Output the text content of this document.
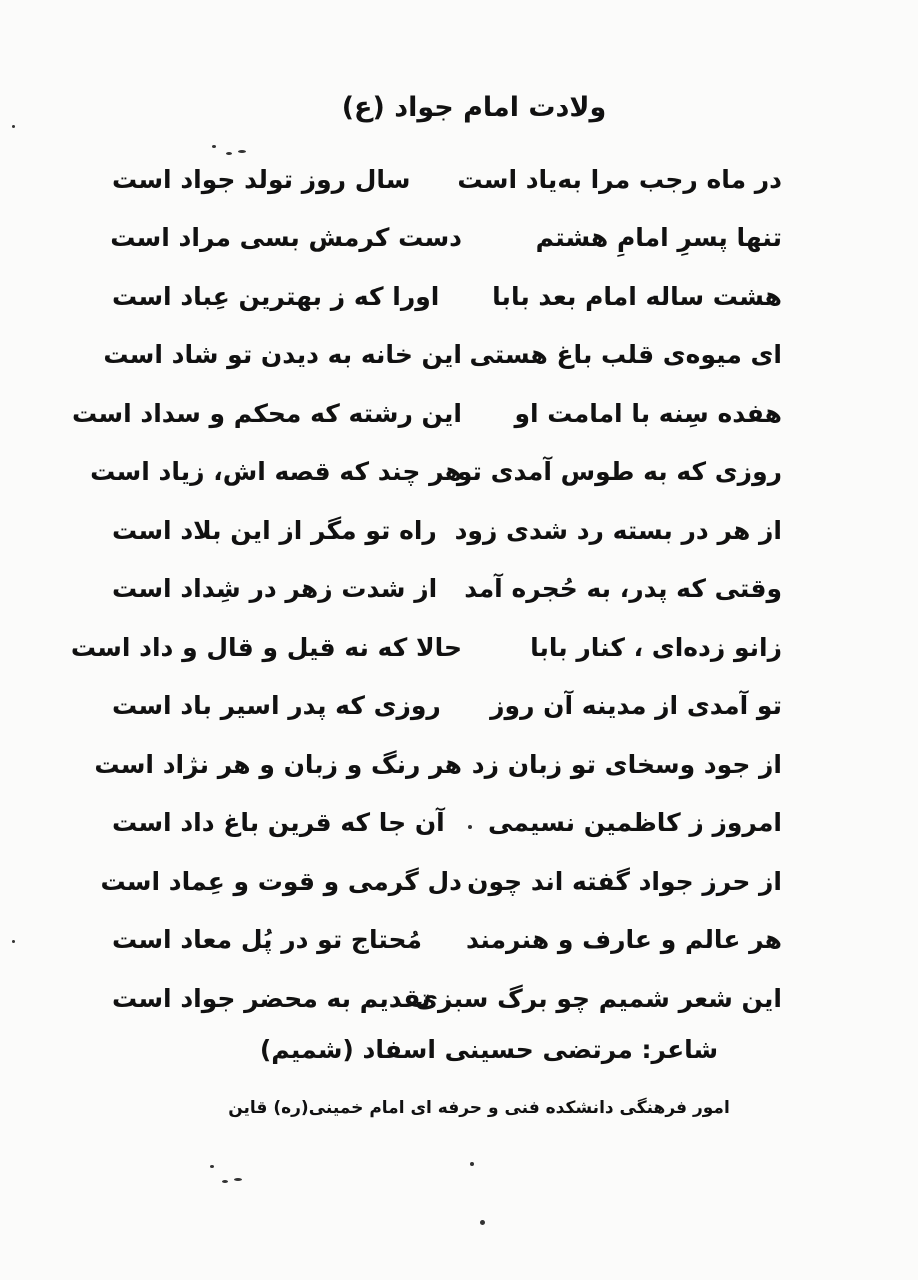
ولادت امام جواد (ع)
در ماه رجب مرا به‌یاد است
سال روز تولد جواد است
تنها پسرِ امامِ هشتم
دست کرمش بسی مراد است
هشت ساله امام بعد بابا
اورا که ز بهترین عِباد است
ای میوه‌ی قلب باغ هستی
این خانه به دیدن تو شاد است
هفده سِنه با امامت او
این رشته که محکم و سداد است
روزی که به طوس آمدی تو
هر چند که قصه اش، زیاد است
از هر در بسته رد شدی زود
راه تو مگر از این بلاد است
وقتی که پدر، به حُجره آمد
از شدت زهر در شِداد است
زانو زده‌ای ، کنار بابا
حالا که نه قیل و قال و داد است
تو آمدی از مدینه آن روز
روزی که پدر اسیر باد است
از جود وسخای تو زبان زد
هر رنگ و زبان و هر نژاد است
امروز ز کاظمین نسیمی
آن جا که قرین باغ داد است
از حرز جواد گفته اند چون
دل گرمی و قوت و عِماد است
هر عالم و عارف و هنرمند
مُحتاج تو در پُل معاد است
این شعر شمیم چو برگ سبزی
تقدیم به محضر جواد است
شاعر: مرتضی حسینی اسفاد (شمیم)
امور فرهنگی دانشکده فنی و حرفه ای امام خمینی(ره) قاین
